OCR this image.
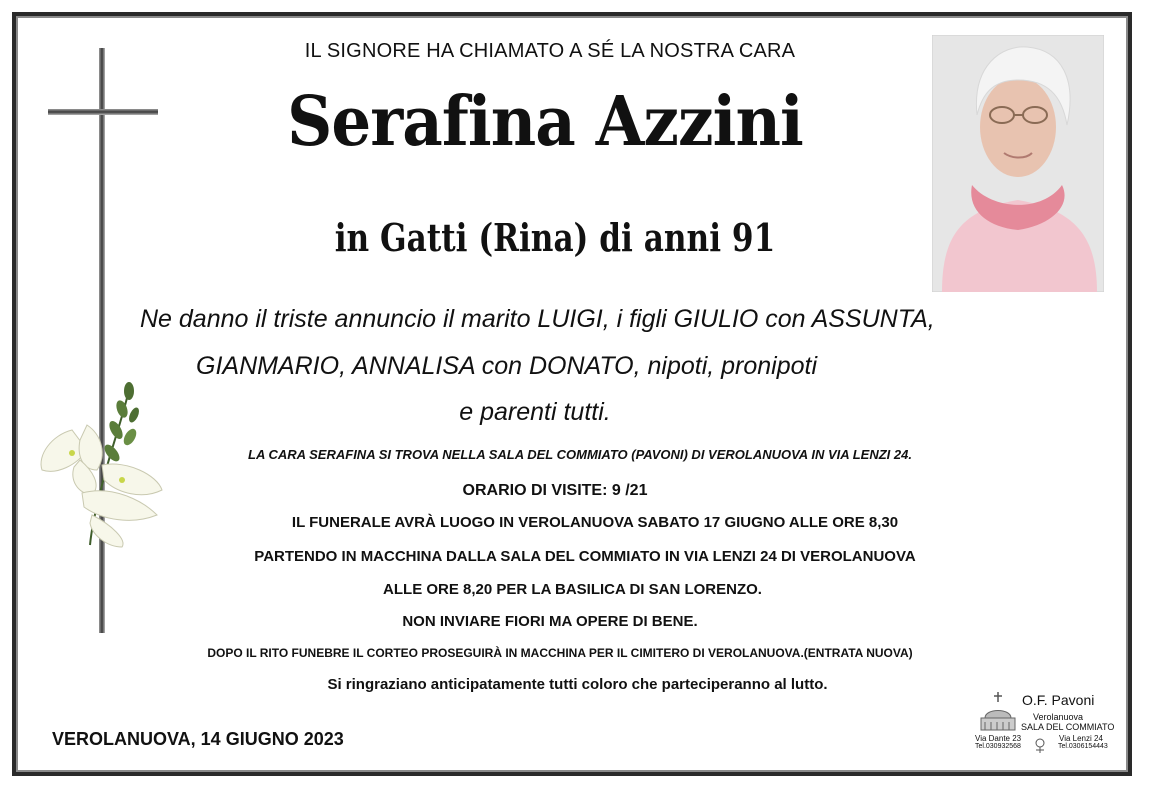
IL SIGNORE HA CHIAMATO A SÉ LA NOSTRA CARA
Serafina Azzini
in Gatti (Rina) di anni 91
Ne danno il triste annuncio il marito LUIGI, i figli GIULIO con ASSUNTA,
GIANMARIO, ANNALISA con DONATO, nipoti, pronipoti
e parenti tutti.
LA CARA SERAFINA SI TROVA NELLA SALA DEL COMMIATO (PAVONI) DI VEROLANUOVA IN VIA LENZI 24.
ORARIO DI VISITE: 9 /21
IL FUNERALE AVRÀ LUOGO IN VEROLANUOVA SABATO 17 GIUGNO ALLE ORE 8,30
PARTENDO IN MACCHINA DALLA SALA DEL COMMIATO IN VIA LENZI 24 DI VEROLANUOVA
ALLE ORE 8,20 PER LA BASILICA DI SAN LORENZO.
NON INVIARE FIORI MA OPERE DI BENE.
DOPO IL RITO FUNEBRE IL CORTEO PROSEGUIRÀ IN MACCHINA PER IL CIMITERO DI VEROLANUOVA.(ENTRATA NUOVA)
Si ringraziano anticipatamente tutti coloro che parteciperanno al lutto.
VEROLANUOVA, 14 GIUGNO 2023
O.F. Pavoni
Verolanuova
SALA DEL COMMIATO
Via Dante 23
Tel.030932568
Via Lenzi 24
Tel.0306154443
